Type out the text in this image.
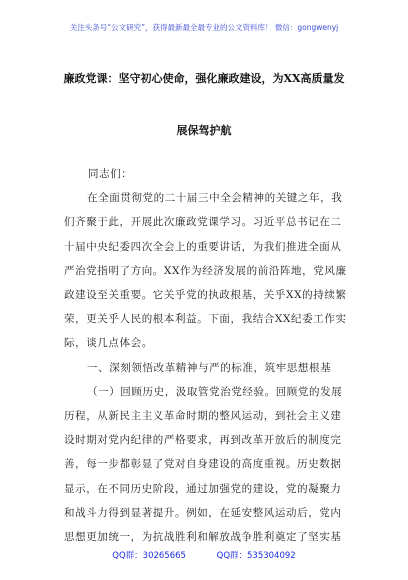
关注头条号“公文研究”，获得最新最全最专业的公文资料库！ 微信：gongwenyj
廉政党课：坚守初心使命，强化廉政建设，为XX高质量发
展保驾护航
同志们：
在全面贯彻党的二十届三中全会精神的关键之年，我
们齐聚于此，开展此次廉政党课学习。习近平总书记在二
十届中央纪委四次全会上的重要讲话，为我们推进全面从
严治党指明了方向。XX作为经济发展的前沿阵地，党风廉
政建设至关重要。它关乎党的执政根基，关乎XX的持续繁
荣，更关乎人民的根本利益。下面，我结合XX纪委工作实
际，谈几点体会。
一、深刻领悟改革精神与严的标准，筑牢思想根基
（一）回顾历史，汲取管党治党经验。回顾党的发展
历程，从新民主主义革命时期的整风运动，到社会主义建
设时期对党内纪律的严格要求，再到改革开放后的制度完
善，每一步都彰显了党对自身建设的高度重视。历史数据
显示，在不同历史阶段，通过加强党的建设，党的凝聚力
和战斗力得到显著提升。例如，在延安整风运动后，党内
QQ群：30265665	QQ群：535304092
思想更加统一，为抗战胜利和解放战争胜利奠定了坚实基
